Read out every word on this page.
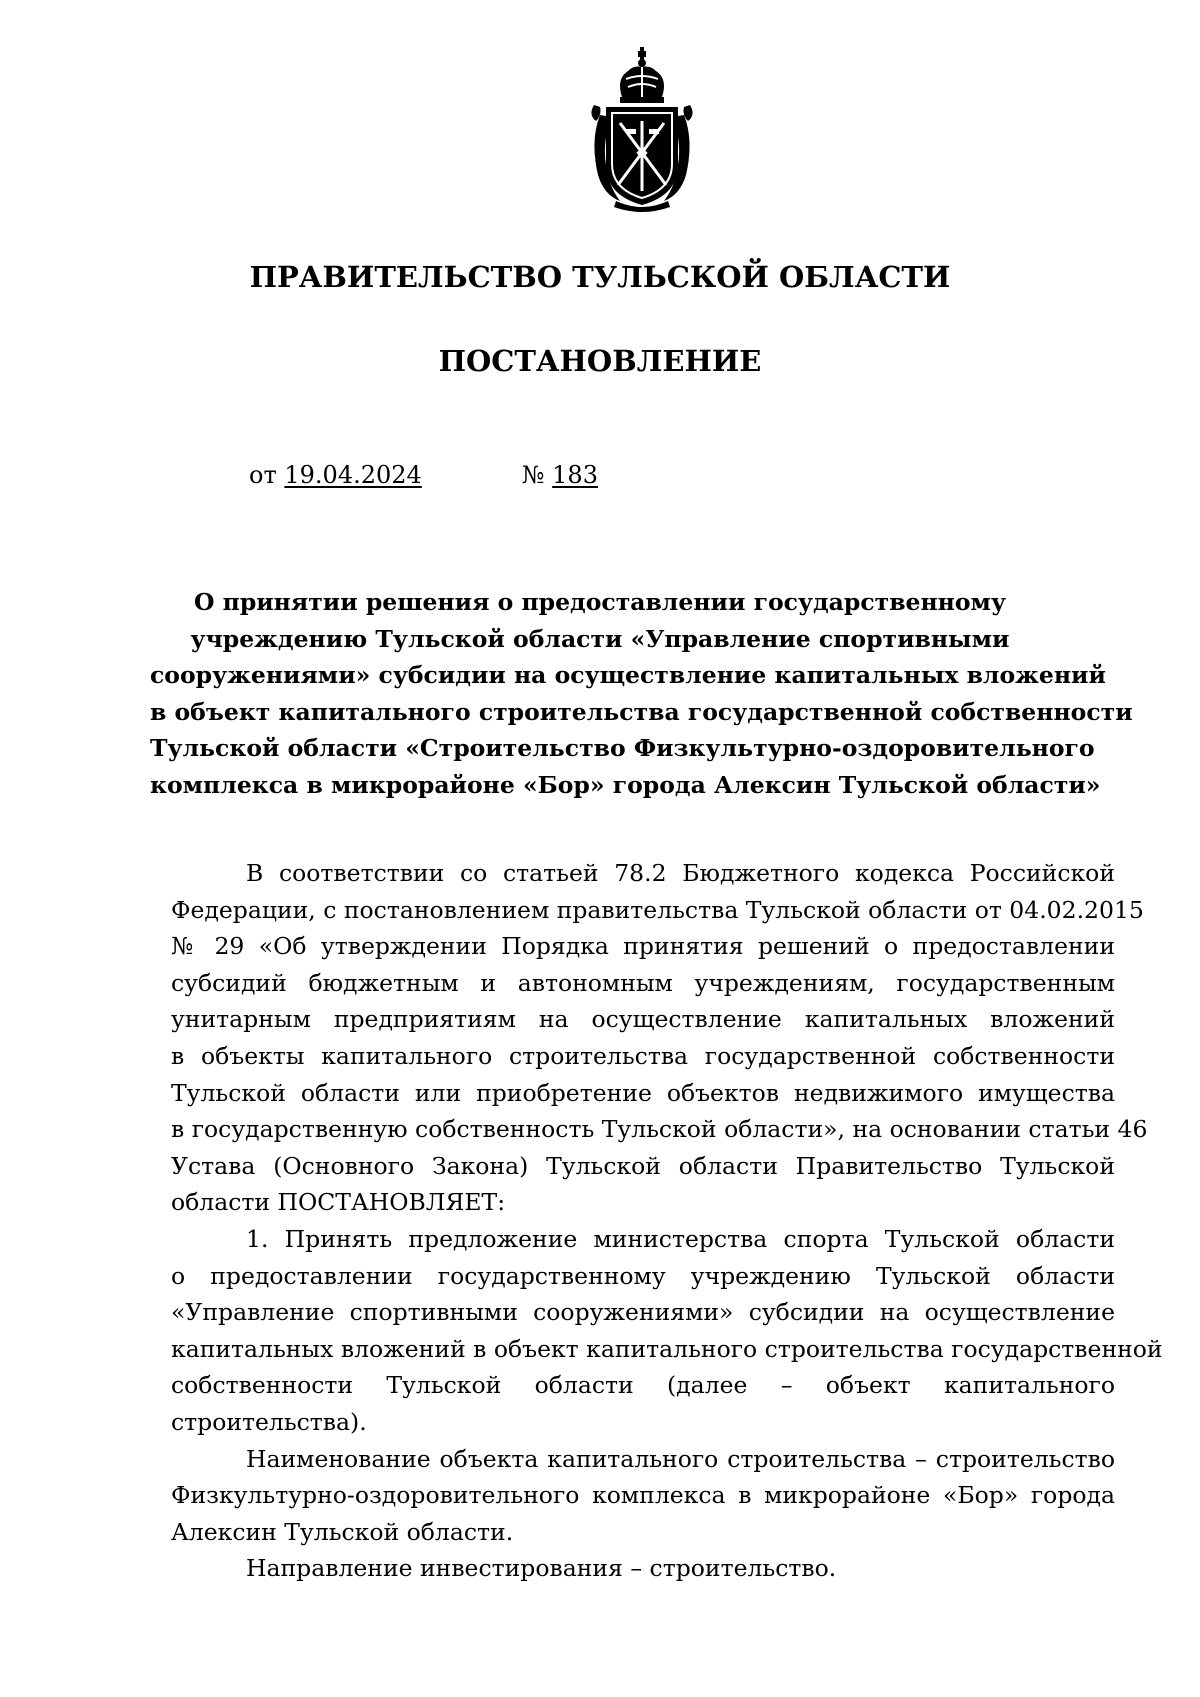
ПРАВИТЕЛЬСТВО ТУЛЬСКОЙ ОБЛАСТИ
ПОСТАНОВЛЕНИЕ
от 19.04.2024	№ 183
О принятии решения о предоставлении государственному
учреждению Тульской области «Управление спортивными
сооружениями» субсидии на осуществление капитальных вложений
в объект капитального строительства государственной собственности
Тульской области «Строительство Физкультурно-оздоровительного
комплекса в микрорайоне «Бор» города Алексин Тульской области»
В соответствии со статьей 78.2 Бюджетного кодекса Российской
Федерации, с постановлением правительства Тульской области от 04.02.2015
№ 29 «Об утверждении Порядка принятия решений о предоставлении
субсидий бюджетным и автономным учреждениям, государственным
унитарным предприятиям на осуществление капитальных вложений
в объекты капитального строительства государственной собственности
Тульской области или приобретение объектов недвижимого имущества
в государственную собственность Тульской области», на основании статьи 46
Устава (Основного Закона) Тульской области Правительство Тульской
области ПОСТАНОВЛЯЕТ:
1. Принять предложение министерства спорта Тульской области
о предоставлении государственному учреждению Тульской области
«Управление спортивными сооружениями» субсидии на осуществление
капитальных вложений в объект капитального строительства государственной
собственности Тульской области (далее – объект капитального
строительства).
Наименование объекта капитального строительства – строительство
Физкультурно-оздоровительного комплекса в микрорайоне «Бор» города
Алексин Тульской области.
Направление инвестирования – строительство.
